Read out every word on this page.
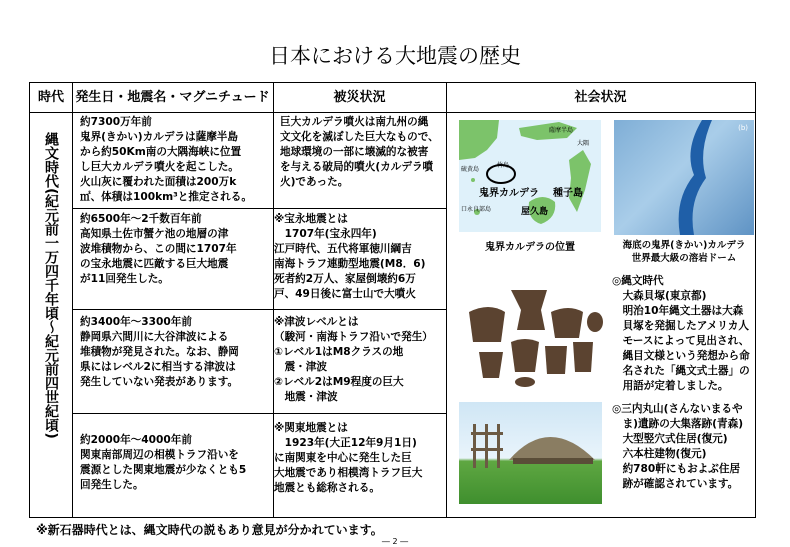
日本における大地震の歴史
時代 発生日・地震名・マグニチュード	被災状況	社会状況
縄文時代(紀元前一万四千年頃～紀元前四世紀頃)
約7300万年前
鬼界(きかい)カルデラは薩摩半島
から約50Km南の大隅海峡に位置
し巨大カルデラ噴火を起こした。
火山灰に覆われた面積は200万k
㎡、体積は100km³と推定される。
巨大カルデラ噴火は南九州の縄
文文化を滅ぼした巨大なもので、
地球環境の一部に壊滅的な被害
を与える破局的噴火(カルデラ噴
火)であった。
約6500年～2千数百年前
高知県土佐市蟹ケ池の地層の津
波堆積物から、この間に1707年
の宝永地震に匹敵する巨大地震
が11回発生した。
※宝永地震とは
　1707年(宝永四年)
江戸時代、五代将軍徳川綱吉
南海トラフ連動型地震(M8．6)
死者約2万人、家屋倒壊約6万
戸、49日後に富士山で大噴火
約3400年～3300年前
静岡県六間川に大谷津波による
堆積物が発見された。なお、静岡
県にはレベル2に相当する津波は
発生していない発表があります。
※津波レベルとは
（駿河・南海トラフ沿いで発生）
①レベル1はM8クラスの地
　震・津波
②レベル2はM9程度の巨大
　地震・津波
約2000年～4000年前
関東南部周辺の相模トラフ沿いを
震源とした関東地震が少なくとも5
回発生した。
※関東地震とは
　1923年(大正12年9月1日)
に南関東を中心に発生した巨
大地震であり相模湾トラフ巨大
地震とも総称される。
薩摩半島
大隅
竹島
硫黄島
鬼界カルデラ 種子島
屋久島
口永良部島
鬼界カルデラの位置
(b)
海底の鬼界(きかい)カルデラ
世界最大級の溶岩ドーム
◎縄文時代
　大森貝塚(東京都)
　明治10年縄文土器は大森
　貝塚を発掘したアメリカ人
　モースによって見出され、
　縄目文様という発想から命
　名された「縄文式土器」の
　用語が定着しました。
◎三内丸山(さんないまるや
　ま)遺跡の大集落跡(青森)
　大型竪穴式住居(復元)
　六本柱建物(復元)
　約780軒にもおよぶ住居
　跡が確認されています。
※新石器時代とは、縄文時代の説もあり意見が分かれています。
― 2 ―
